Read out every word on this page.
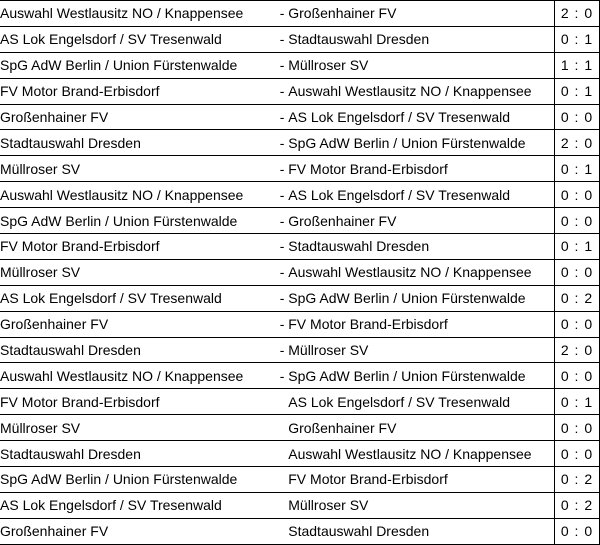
Auswahl Westlausitz NO / Knappensee	-	Großenhainer FV	2 : 0
AS Lok Engelsdorf / SV Tresenwald	-	Stadtauswahl Dresden	0 : 1
SpG AdW Berlin / Union Fürstenwalde	-	Müllroser SV	1 : 1
FV Motor Brand-Erbisdorf	-	Auswahl Westlausitz NO / Knappensee	0 : 1
Großenhainer FV	-	AS Lok Engelsdorf / SV Tresenwald	0 : 0
Stadtauswahl Dresden	-	SpG AdW Berlin / Union Fürstenwalde	2 : 0
Müllroser SV	-	FV Motor Brand-Erbisdorf	0 : 1
Auswahl Westlausitz NO / Knappensee	-	AS Lok Engelsdorf / SV Tresenwald	0 : 0
SpG AdW Berlin / Union Fürstenwalde	-	Großenhainer FV	0 : 0
FV Motor Brand-Erbisdorf	-	Stadtauswahl Dresden	0 : 1
Müllroser SV	-	Auswahl Westlausitz NO / Knappensee	0 : 0
AS Lok Engelsdorf / SV Tresenwald	-	SpG AdW Berlin / Union Fürstenwalde	0 : 2
Großenhainer FV	-	FV Motor Brand-Erbisdorf	0 : 0
Stadtauswahl Dresden	-	Müllroser SV	2 : 0
Auswahl Westlausitz NO / Knappensee	-	SpG AdW Berlin / Union Fürstenwalde	0 : 0
FV Motor Brand-Erbisdorf		AS Lok Engelsdorf / SV Tresenwald	0 : 1
Müllroser SV		Großenhainer FV	0 : 0
Stadtauswahl Dresden		Auswahl Westlausitz NO / Knappensee	0 : 0
SpG AdW Berlin / Union Fürstenwalde		FV Motor Brand-Erbisdorf	0 : 2
AS Lok Engelsdorf / SV Tresenwald		Müllroser SV	0 : 2
Großenhainer FV		Stadtauswahl Dresden	0 : 0
